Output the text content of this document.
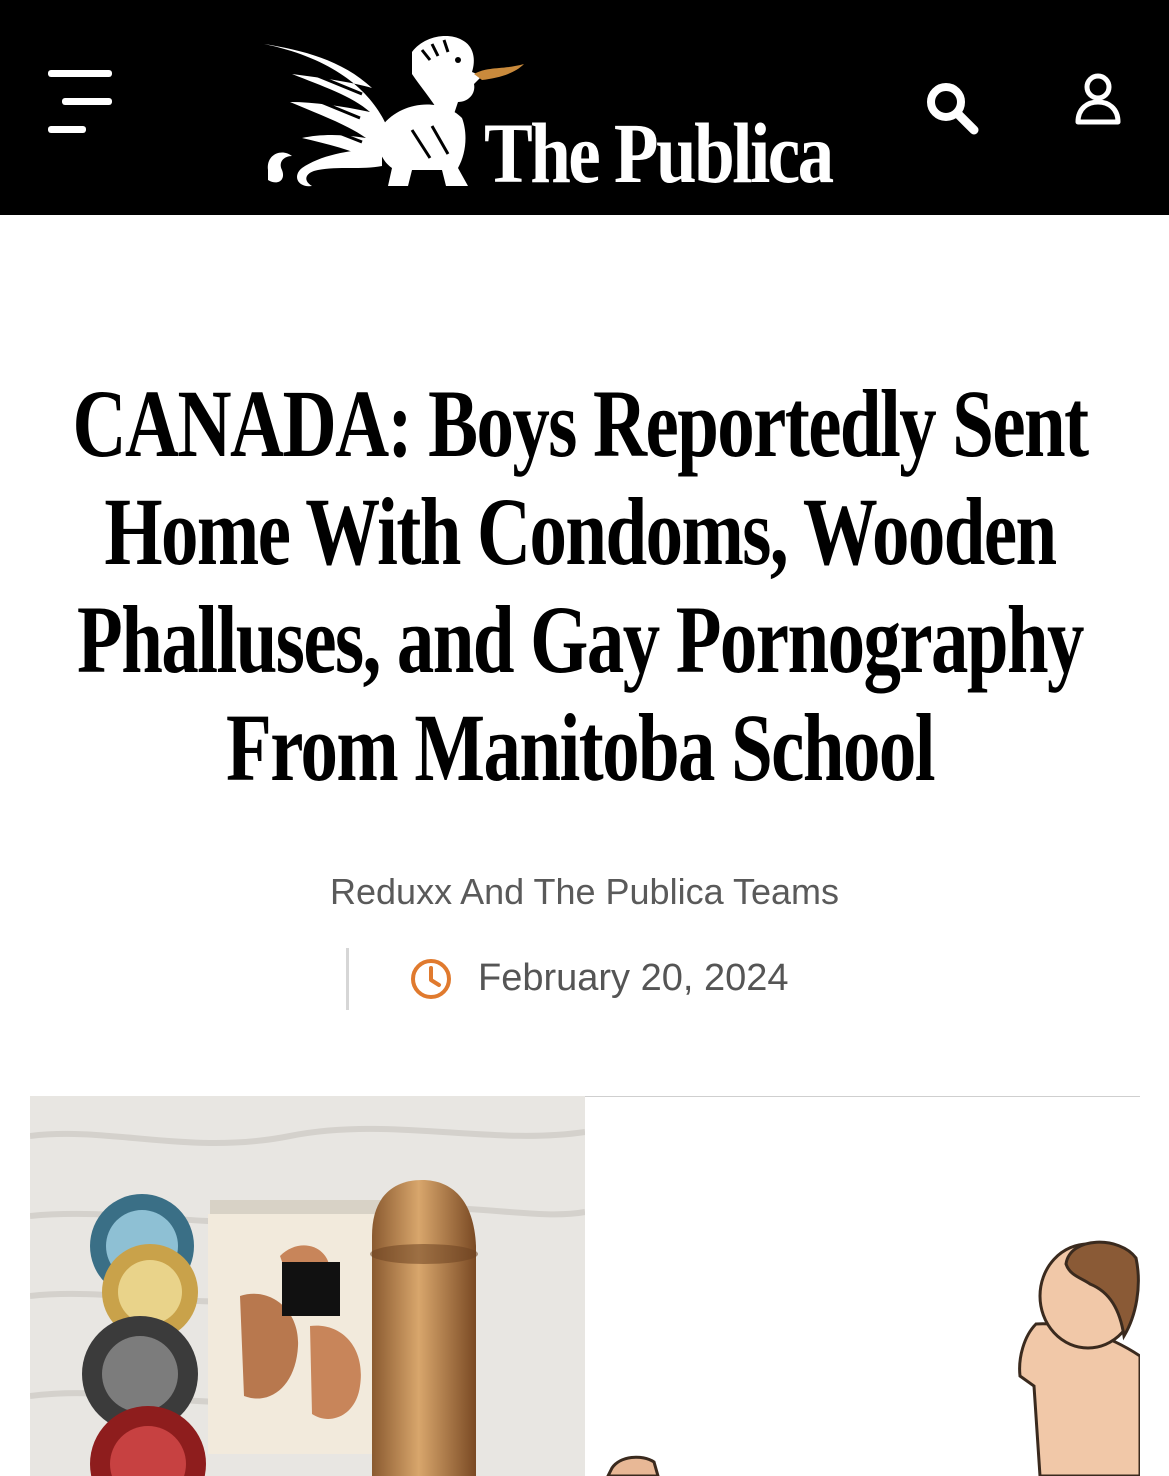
The Publica
CANADA: Boys Reportedly Sent Home With Condoms, Wooden Phalluses, and Gay Pornography From Manitoba School
Reduxx And The Publica Teams
February 20, 2024
